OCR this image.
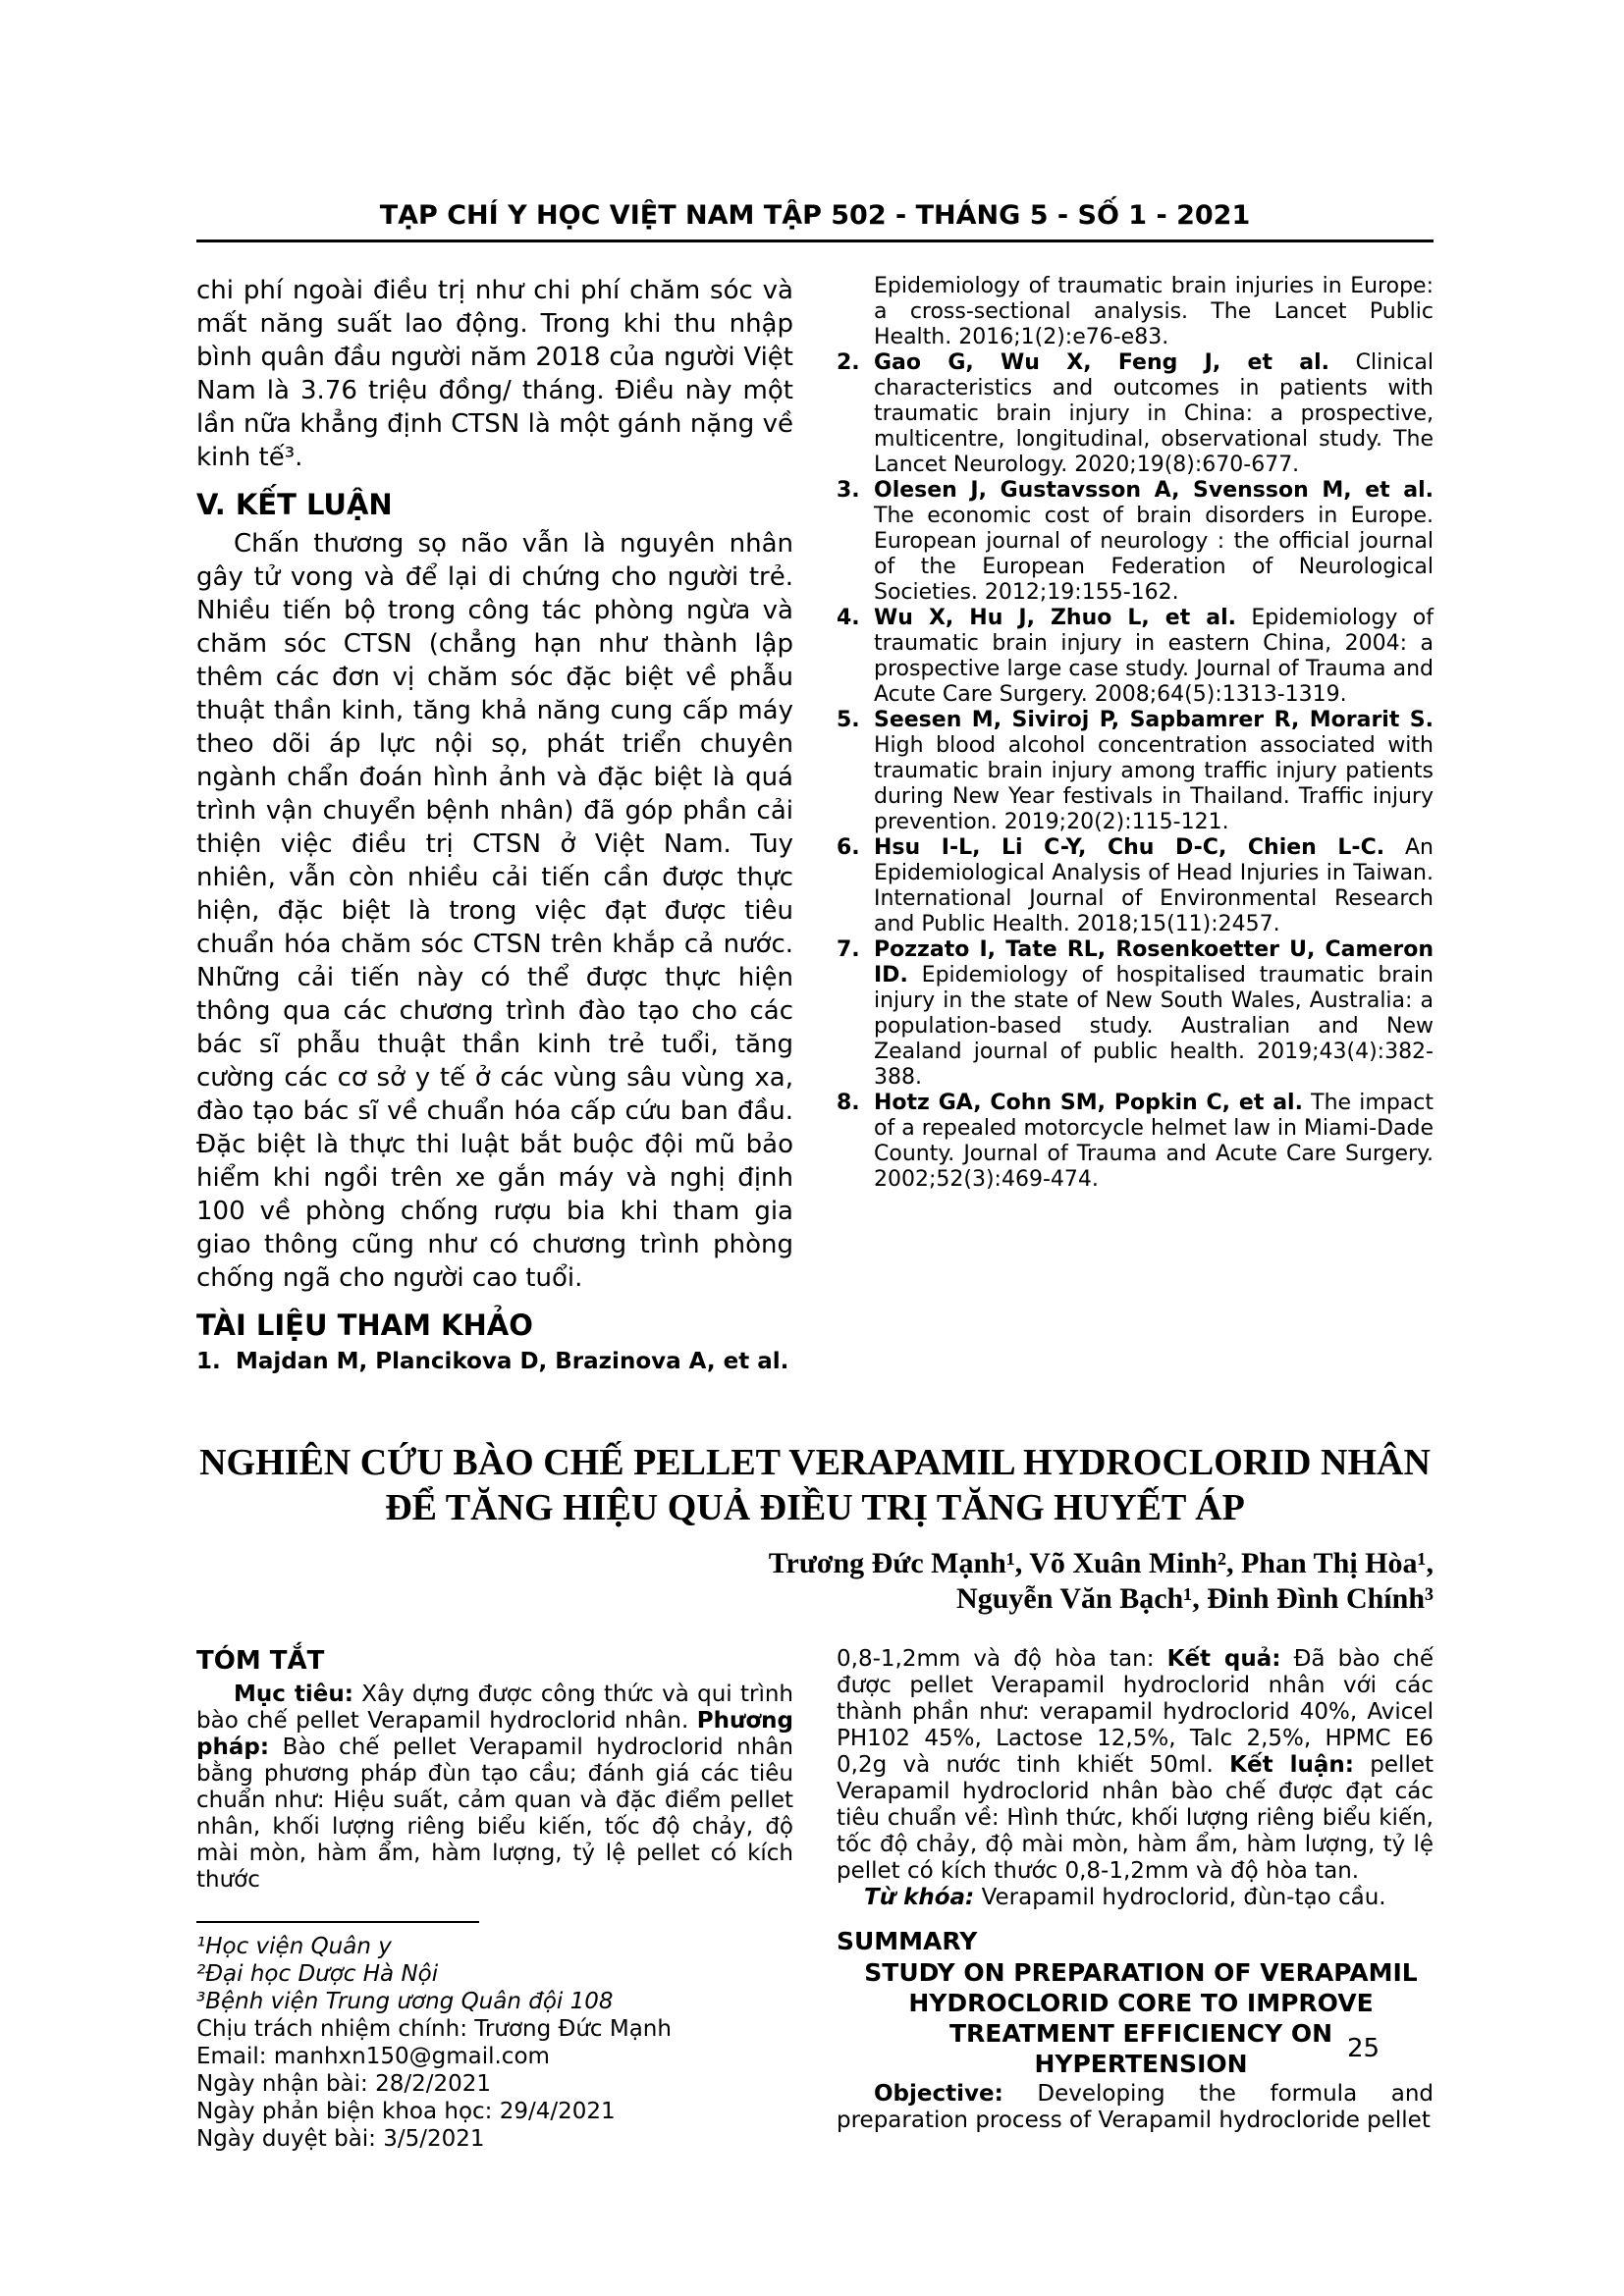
TẠP CHÍ Y HỌC VIỆT NAM TẬP 502 - THÁNG 5 - SỐ 1 - 2021

chi phí ngoài điều trị như chi phí chăm sóc và mất năng suất lao động. Trong khi thu nhập bình quân đầu người năm 2018 của người Việt Nam là 3.76 triệu đồng/ tháng. Điều này một lần nữa khẳng định CTSN là một gánh nặng về kinh tế³.

V. KẾT LUẬN

Chấn thương sọ não vẫn là nguyên nhân gây tử vong và để lại di chứng cho người trẻ. Nhiều tiến bộ trong công tác phòng ngừa và chăm sóc CTSN (chẳng hạn như thành lập thêm các đơn vị chăm sóc đặc biệt về phẫu thuật thần kinh, tăng khả năng cung cấp máy theo dõi áp lực nội sọ, phát triển chuyên ngành chẩn đoán hình ảnh và đặc biệt là quá trình vận chuyển bệnh nhân) đã góp phần cải thiện việc điều trị CTSN ở Việt Nam. Tuy nhiên, vẫn còn nhiều cải tiến cần được thực hiện, đặc biệt là trong việc đạt được tiêu chuẩn hóa chăm sóc CTSN trên khắp cả nước. Những cải tiến này có thể được thực hiện thông qua các chương trình đào tạo cho các bác sĩ phẫu thuật thần kinh trẻ tuổi, tăng cường các cơ sở y tế ở các vùng sâu vùng xa, đào tạo bác sĩ về chuẩn hóa cấp cứu ban đầu. Đặc biệt là thực thi luật bắt buộc đội mũ bảo hiểm khi ngồi trên xe gắn máy và nghị định 100 về phòng chống rượu bia khi tham gia giao thông cũng như có chương trình phòng chống ngã cho người cao tuổi.

TÀI LIỆU THAM KHẢO

1. Majdan M, Plancikova D, Brazinova A, et al.

Epidemiology of traumatic brain injuries in Europe: a cross-sectional analysis. The Lancet Public Health. 2016;1(2):e76-e83.

2. Gao G, Wu X, Feng J, et al. Clinical characteristics and outcomes in patients with traumatic brain injury in China: a prospective, multicentre, longitudinal, observational study. The Lancet Neurology. 2020;19(8):670-677.

3. Olesen J, Gustavsson A, Svensson M, et al. The economic cost of brain disorders in Europe. European journal of neurology : the official journal of the European Federation of Neurological Societies. 2012;19:155-162.

4. Wu X, Hu J, Zhuo L, et al. Epidemiology of traumatic brain injury in eastern China, 2004: a prospective large case study. Journal of Trauma and Acute Care Surgery. 2008;64(5):1313-1319.

5. Seesen M, Siviroj P, Sapbamrer R, Morarit S. High blood alcohol concentration associated with traumatic brain injury among traffic injury patients during New Year festivals in Thailand. Traffic injury prevention. 2019;20(2):115-121.

6. Hsu I-L, Li C-Y, Chu D-C, Chien L-C. An Epidemiological Analysis of Head Injuries in Taiwan. International Journal of Environmental Research and Public Health. 2018;15(11):2457.

7. Pozzato I, Tate RL, Rosenkoetter U, Cameron ID. Epidemiology of hospitalised traumatic brain injury in the state of New South Wales, Australia: a population-based study. Australian and New Zealand journal of public health. 2019;43(4):382-388.

8. Hotz GA, Cohn SM, Popkin C, et al. The impact of a repealed motorcycle helmet law in Miami-Dade County. Journal of Trauma and Acute Care Surgery. 2002;52(3):469-474.

NGHIÊN CỨU BÀO CHẾ PELLET VERAPAMIL HYDROCLORID NHÂN
ĐỂ TĂNG HIỆU QUẢ ĐIỀU TRỊ TĂNG HUYẾT ÁP
Trương Đức Mạnh¹, Võ Xuân Minh², Phan Thị Hòa¹,
Nguyễn Văn Bạch¹, Đinh Đình Chính³
TÓM TẮT

Mục tiêu: Xây dựng được công thức và qui trình bào chế pellet Verapamil hydroclorid nhân. Phương pháp: Bào chế pellet Verapamil hydroclorid nhân bằng phương pháp đùn tạo cầu; đánh giá các tiêu chuẩn như: Hiệu suất, cảm quan và đặc điểm pellet nhân, khối lượng riêng biểu kiến, tốc độ chảy, độ mài mòn, hàm ẩm, hàm lượng, tỷ lệ pellet có kích thước

¹Học viện Quân y

²Đại học Dược Hà Nội

³Bệnh viện Trung ương Quân đội 108

Chịu trách nhiệm chính: Trương Đức Mạnh

Email: manhxn150@gmail.com

Ngày nhận bài: 28/2/2021

Ngày phản biện khoa học: 29/4/2021

Ngày duyệt bài: 3/5/2021

0,8-1,2mm và độ hòa tan: Kết quả: Đã bào chế được pellet Verapamil hydroclorid nhân với các thành phần như: verapamil hydroclorid 40%, Avicel PH102 45%, Lactose 12,5%, Talc 2,5%, HPMC E6 0,2g và nước tinh khiết 50ml. Kết luận: pellet Verapamil hydroclorid nhân bào chế được đạt các tiêu chuẩn về: Hình thức, khối lượng riêng biểu kiến, tốc độ chảy, độ mài mòn, hàm ẩm, hàm lượng, tỷ lệ pellet có kích thước 0,8-1,2mm và độ hòa tan.

Từ khóa: Verapamil hydroclorid, đùn-tạo cầu.

SUMMARY
STUDY ON PREPARATION OF VERAPAMIL HYDROCLORID CORE TO IMPROVE TREATMENT EFFICIENCY ON HYPERTENSION

Objective: Developing the formula and preparation process of Verapamil hydrocloride pellet

25
